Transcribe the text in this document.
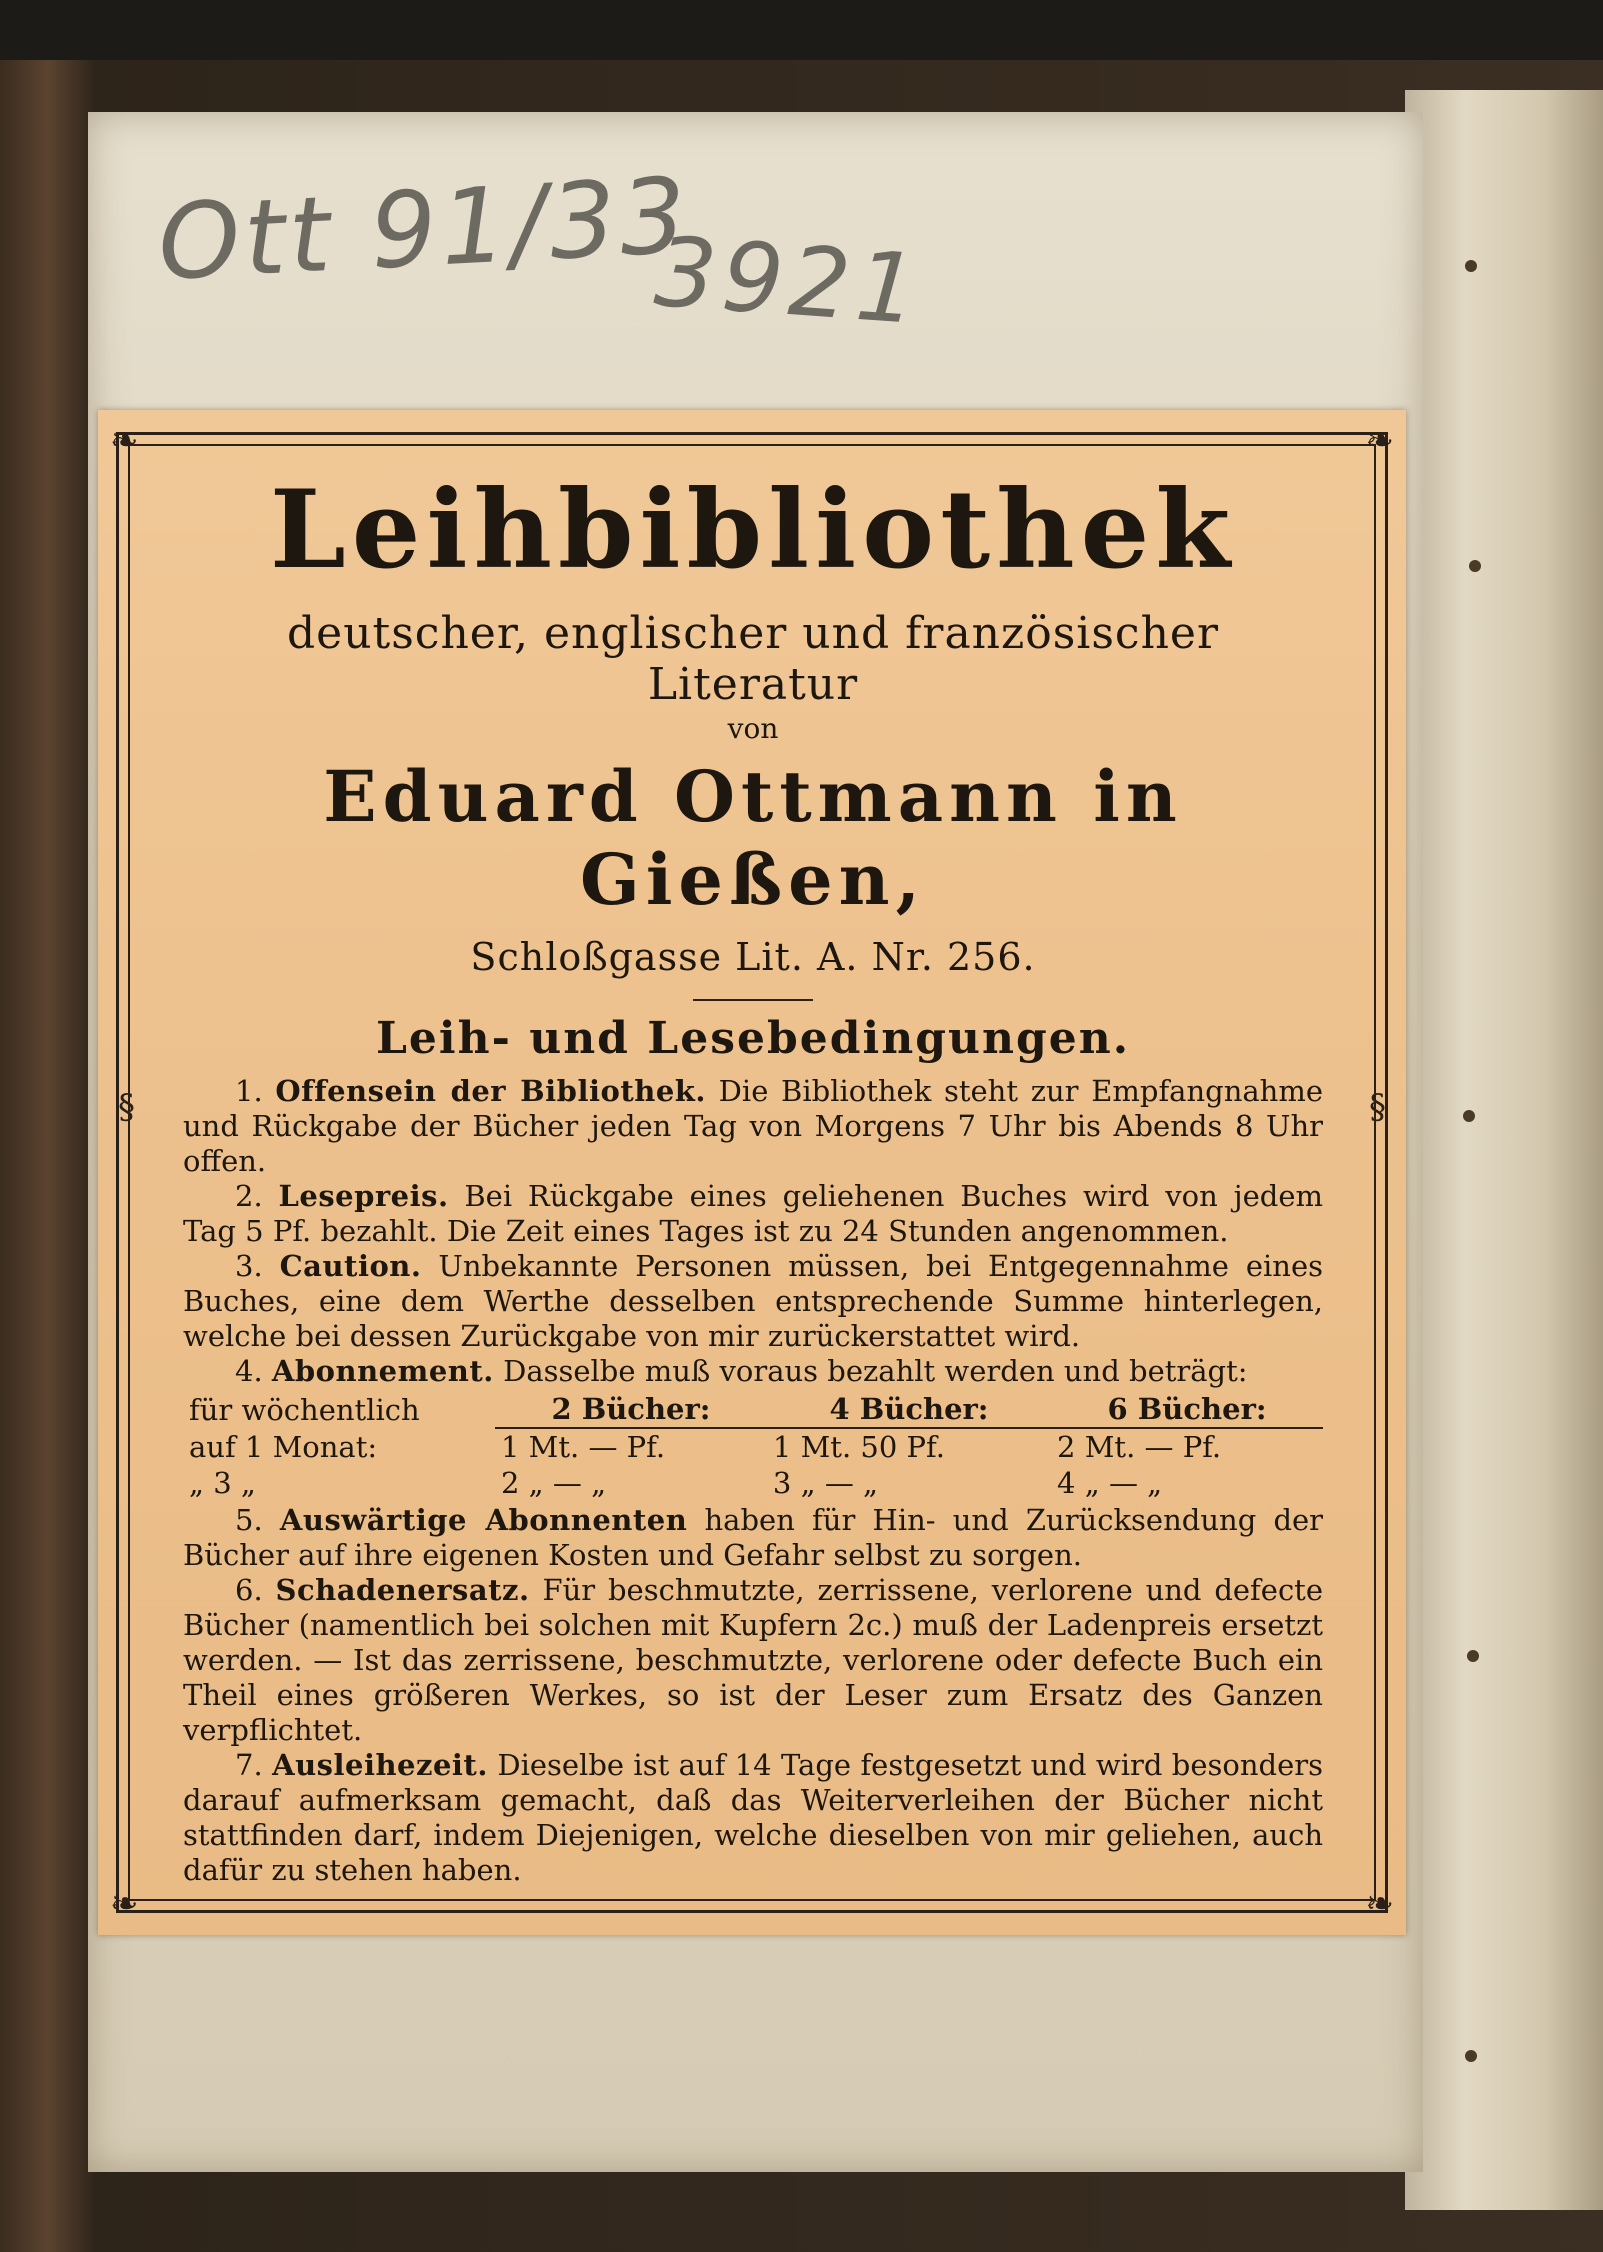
Ott 91/33
3921
❧	❧
❧	❧
§	§

Leihbibliothek

deutscher, englischer und französischer Literatur

von

Eduard Ottmann in Gießen,

Schloßgasse Lit. A. Nr. 256.

Leih- und Lesebedingungen.

1. Offensein der Bibliothek. Die Bibliothek steht zur Empfangnahme und Rückgabe der Bücher jeden Tag von Morgens 7 Uhr bis Abends 8 Uhr offen.

2. Lesepreis. Bei Rückgabe eines geliehenen Buches wird von jedem Tag 5 Pf. bezahlt. Die Zeit eines Tages ist zu 24 Stunden angenommen.

3. Caution. Unbekannte Personen müssen, bei Entgegennahme eines Buches, eine dem Werthe desselben entsprechende Summe hinterlegen, welche bei dessen Zurückgabe von mir zurückerstattet wird.

4. Abonnement. Dasselbe muß voraus bezahlt werden und beträgt:

für wöchentlich	2 Bücher:	4 Bücher:	6 Bücher:
auf 1 Monat:	1 Mt. — Pf.	1 Mt. 50 Pf.	2 Mt. — Pf.
„ 3 „	2 „ — „	3 „ — „	4 „ — „

5. Auswärtige Abonnenten haben für Hin- und Zurücksendung der Bücher auf ihre eigenen Kosten und Gefahr selbst zu sorgen.

6. Schadenersatz. Für beschmutzte, zerrissene, verlorene und defecte Bücher (namentlich bei solchen mit Kupfern 2c.) muß der Ladenpreis ersetzt werden. — Ist das zerrissene, beschmutzte, verlorene oder defecte Buch ein Theil eines größeren Werkes, so ist der Leser zum Ersatz des Ganzen verpflichtet.

7. Ausleihezeit. Dieselbe ist auf 14 Tage festgesetzt und wird besonders darauf aufmerksam gemacht, daß das Weiterverleihen der Bücher nicht stattfinden darf, indem Diejenigen, welche dieselben von mir geliehen, auch dafür zu stehen haben.
